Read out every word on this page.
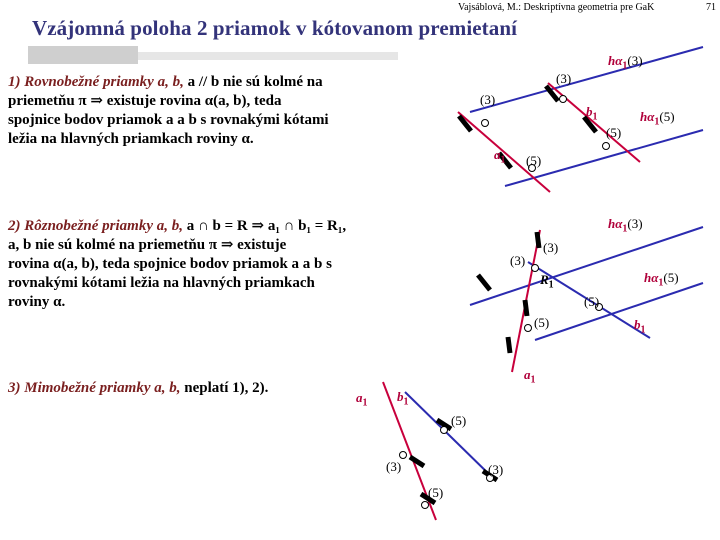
Vajsáblová, M.: Deskriptívna geometria pre GaK	71
Vzájomná poloha 2 priamok v kótovanom premietaní
1) Rovnobežné priamky a, b, a // b nie sú kolmé na
priemetňu π ⇒ existuje rovina α(a, b), teda
spojnice bodov priamok a a b s rovnakými kótami
ležia na hlavných priamkach roviny α.
2) Rôznobežné priamky a, b, a ∩ b = R ⇒ a₁ ∩ b₁ = R₁,
a, b nie sú kolmé na priemetňu π ⇒ existuje
rovina α(a, b), teda spojnice bodov priamok a a b s
rovnakými kótami ležia na hlavných priamkach
roviny α.
3) Mimobežné priamky a, b, neplatí 1), 2).
$h\alpha_1(3)$
(3)
(3)
$b_1$
(5)
$h\alpha_1(5)$
$a_1$ (5)
$h\alpha_1(3)$
(3)
(3)
$R_1$
$h\alpha_1(5)$
(5)
(5)	$b_1$
$a_1$
$a_1$ $b_1$
(5)
(3)	(3)
(5)
